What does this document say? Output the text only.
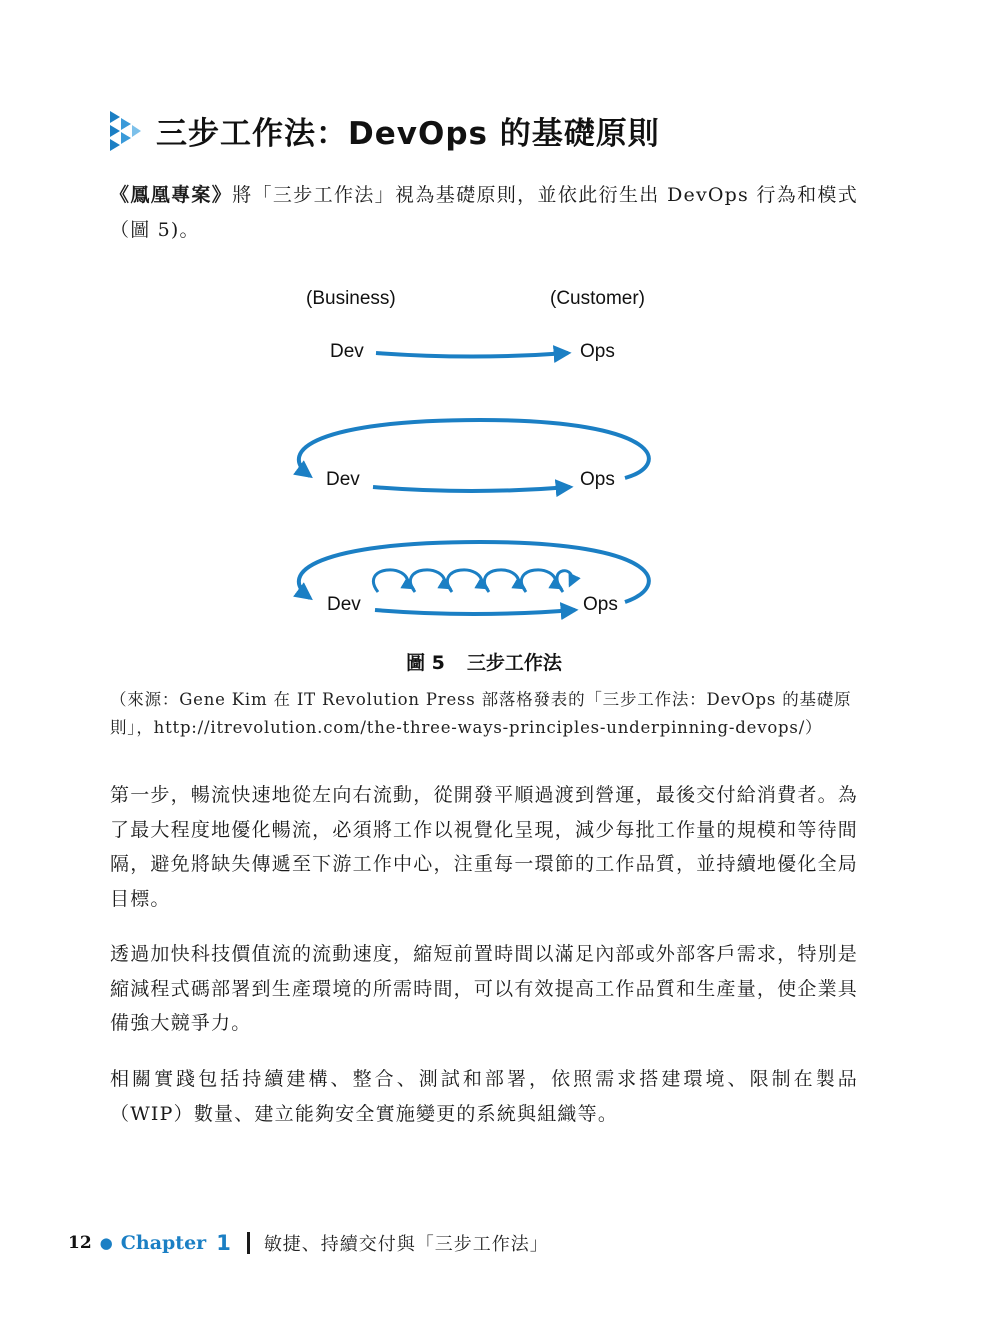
三步工作法：DevOps 的基礎原則

《鳳凰專案》將「三步工作法」視為基礎原則，並依此衍生出 DevOps 行為和模式（圖 5)。

(Business)	(Customer)
Dev	Ops
Dev	Ops
Dev	Ops
圖 5 三步工作法

（來源：Gene Kim 在 IT Revolution Press 部落格發表的「三步工作法：DevOps 的基礎原則」，http://itrevolution.com/the-three-ways-principles-underpinning-devops/）

第一步，暢流快速地從左向右流動，從開發平順過渡到營運，最後交付給消費者。為了最大程度地優化暢流，必須將工作以視覺化呈現，減少每批工作量的規模和等待間隔，避免將缺失傳遞至下游工作中心，注重每一環節的工作品質，並持續地優化全局目標。

透過加快科技價值流的流動速度，縮短前置時間以滿足內部或外部客戶需求，特別是縮減程式碼部署到生產環境的所需時間，可以有效提高工作品質和生產量，使企業具備強大競爭力。

相關實踐包括持續建構、整合、測試和部署，依照需求搭建環境、限制在製品（WIP）數量、建立能夠安全實施變更的系統與組織等。

12 ● Chapter 1 敏捷、持續交付與「三步工作法」
